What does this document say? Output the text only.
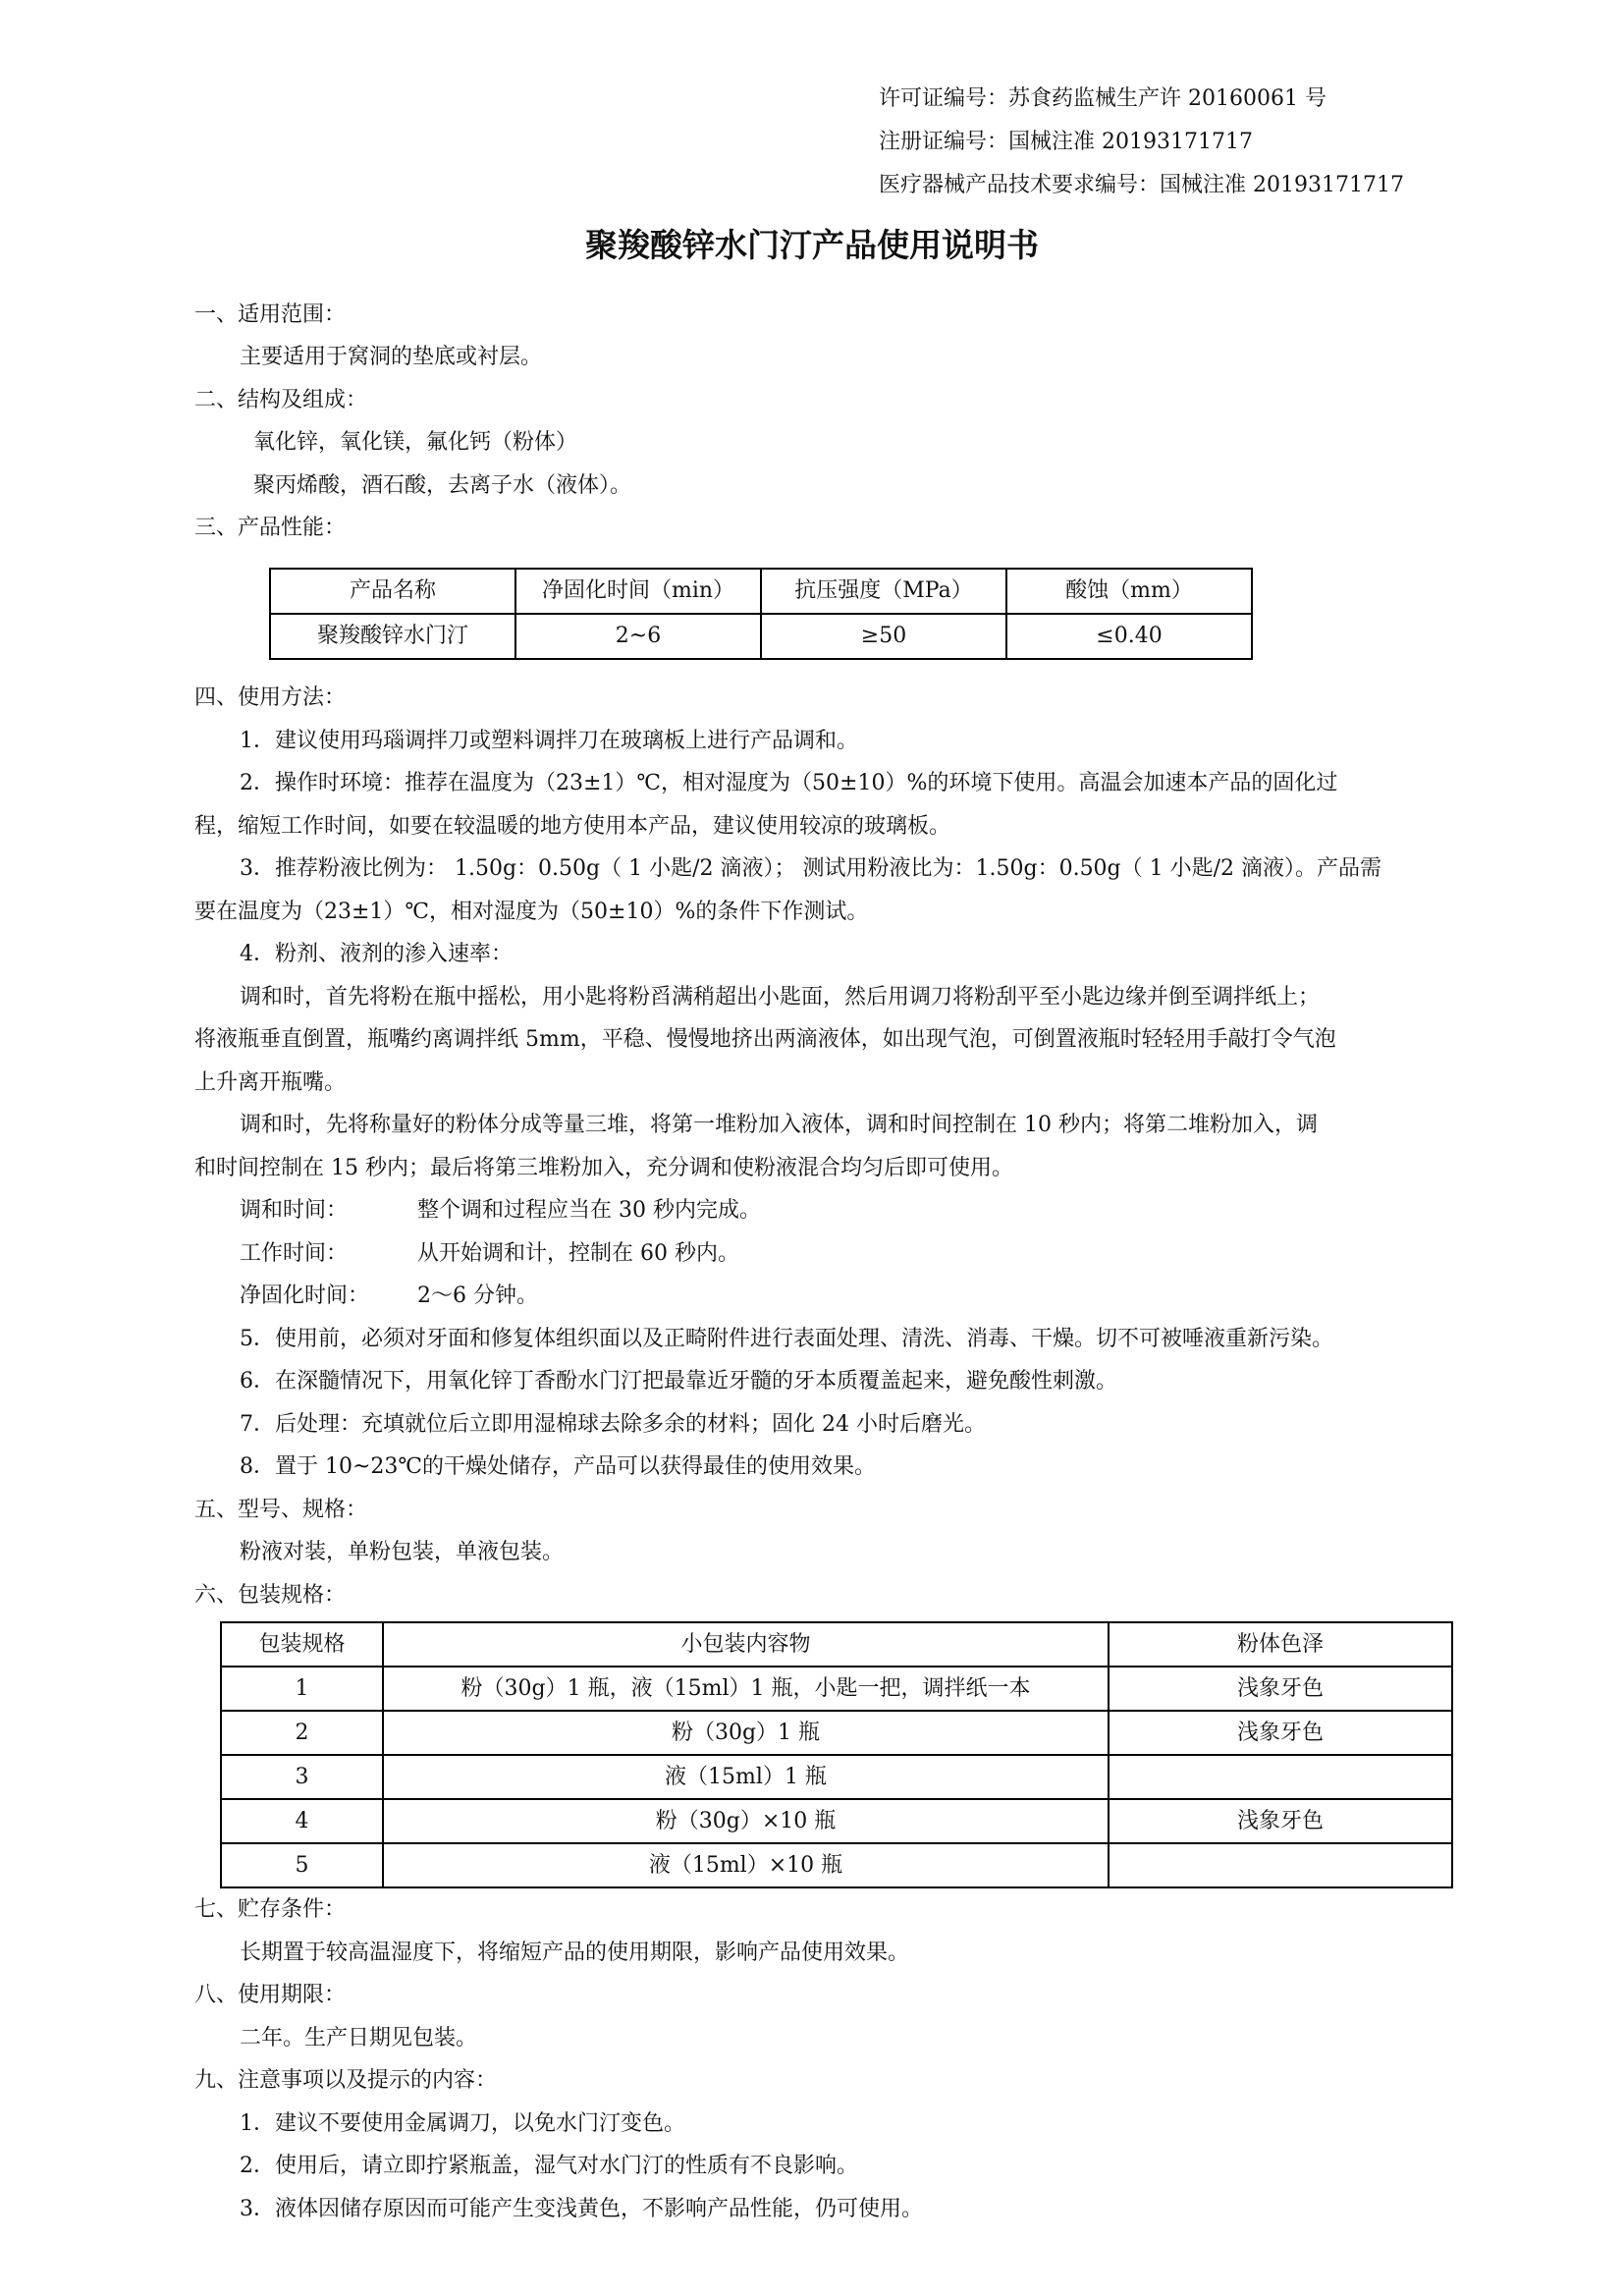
许可证编号：苏食药监械生产许 20160061 号
注册证编号：国械注准 20193171717
医疗器械产品技术要求编号：国械注准 20193171717
聚羧酸锌水门汀产品使用说明书
一、适用范围：
主要适用于窝洞的垫底或衬层。
二、结构及组成：
氧化锌，氧化镁，氟化钙（粉体）
聚丙烯酸，酒石酸，去离子水（液体）。
三、产品性能：
产品名称	净固化时间（min）	抗压强度（MPa）	酸蚀（mm）
聚羧酸锌水门汀	2~6	≥50	≤0.40
四、使用方法：
1．建议使用玛瑙调拌刀或塑料调拌刀在玻璃板上进行产品调和。
2．操作时环境：推荐在温度为（23±1）℃，相对湿度为（50±10）%的环境下使用。高温会加速本产品的固化过
程，缩短工作时间，如要在较温暖的地方使用本产品，建议使用较凉的玻璃板。
3．推荐粉液比例为： 1.50g：0.50g（ 1 小匙/2 滴液）； 测试用粉液比为：1.50g：0.50g（ 1 小匙/2 滴液）。产品需
要在温度为（23±1）℃，相对湿度为（50±10）%的条件下作测试。
4．粉剂、液剂的渗入速率：
调和时，首先将粉在瓶中摇松，用小匙将粉舀满稍超出小匙面，然后用调刀将粉刮平至小匙边缘并倒至调拌纸上；
将液瓶垂直倒置，瓶嘴约离调拌纸 5mm，平稳、慢慢地挤出两滴液体，如出现气泡，可倒置液瓶时轻轻用手敲打令气泡
上升离开瓶嘴。
调和时，先将称量好的粉体分成等量三堆，将第一堆粉加入液体，调和时间控制在 10 秒内；将第二堆粉加入，调
和时间控制在 15 秒内；最后将第三堆粉加入，充分调和使粉液混合均匀后即可使用。
调和时间：	整个调和过程应当在 30 秒内完成。
工作时间：	从开始调和计，控制在 60 秒内。
净固化时间： 2～6 分钟。
5．使用前，必须对牙面和修复体组织面以及正畸附件进行表面处理、清洗、消毒、干燥。切不可被唾液重新污染。
6．在深髓情况下，用氧化锌丁香酚水门汀把最靠近牙髓的牙本质覆盖起来，避免酸性刺激。
7．后处理：充填就位后立即用湿棉球去除多余的材料；固化 24 小时后磨光。
8．置于 10~23℃的干燥处储存，产品可以获得最佳的使用效果。
五、型号、规格：
粉液对装，单粉包装，单液包装。
六、包装规格：
包装规格	小包装内容物	粉体色泽
1	粉（30g）1 瓶，液（15ml）1 瓶，小匙一把，调拌纸一本	浅象牙色
2	粉（30g）1 瓶	浅象牙色
3	液（15ml）1 瓶	
4	粉（30g）×10 瓶	浅象牙色
5	液（15ml）×10 瓶	
七、贮存条件：
长期置于较高温湿度下，将缩短产品的使用期限，影响产品使用效果。
八、使用期限：
二年。生产日期见包装。
九、注意事项以及提示的内容：
1．建议不要使用金属调刀，以免水门汀变色。
2．使用后，请立即拧紧瓶盖，湿气对水门汀的性质有不良影响。
3．液体因储存原因而可能产生变浅黄色，不影响产品性能，仍可使用。
